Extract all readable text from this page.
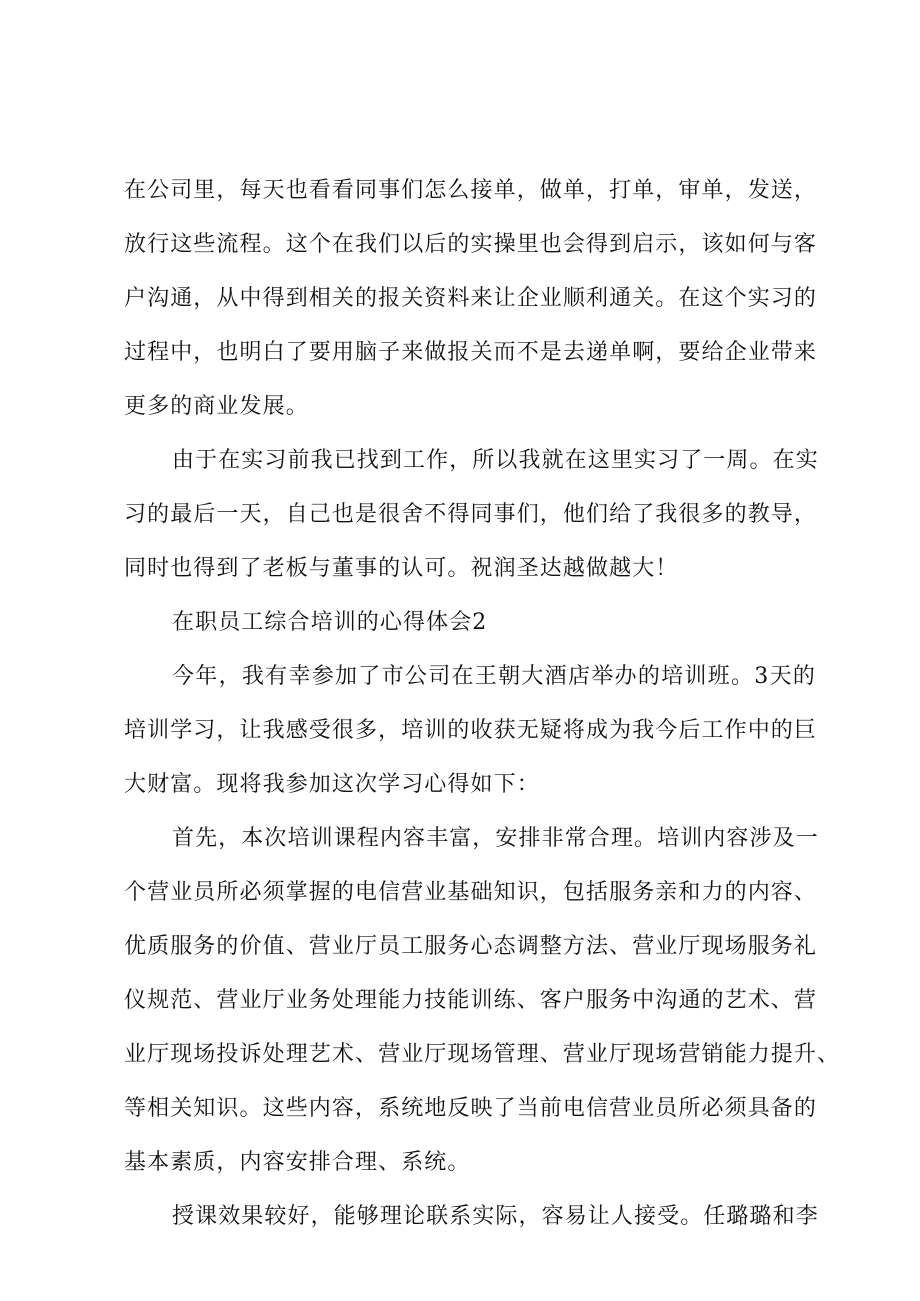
在公司里，每天也看看同事们怎么接单，做单，打单，审单，发送，
放行这些流程。这个在我们以后的实操里也会得到启示，该如何与客
户沟通，从中得到相关的报关资料来让企业顺利通关。在这个实习的
过程中，也明白了要用脑子来做报关而不是去递单啊，要给企业带来
更多的商业发展。
由于在实习前我已找到工作，所以我就在这里实习了一周。在实
习的最后一天，自己也是很舍不得同事们，他们给了我很多的教导，
同时也得到了老板与董事的认可。祝润圣达越做越大！
在职员工综合培训的心得体会2
今年，我有幸参加了市公司在王朝大酒店举办的培训班。3天的
培训学习，让我感受很多，培训的收获无疑将成为我今后工作中的巨
大财富。现将我参加这次学习心得如下：
首先，本次培训课程内容丰富，安排非常合理。培训内容涉及一
个营业员所必须掌握的电信营业基础知识，包括服务亲和力的内容、
优质服务的价值、营业厅员工服务心态调整方法、营业厅现场服务礼
仪规范、营业厅业务处理能力技能训练、客户服务中沟通的艺术、营
业厅现场投诉处理艺术、营业厅现场管理、营业厅现场营销能力提升、
等相关知识。这些内容，系统地反映了当前电信营业员所必须具备的
基本素质，内容安排合理、系统。
授课效果较好，能够理论联系实际，容易让人接受。任璐璐和李
